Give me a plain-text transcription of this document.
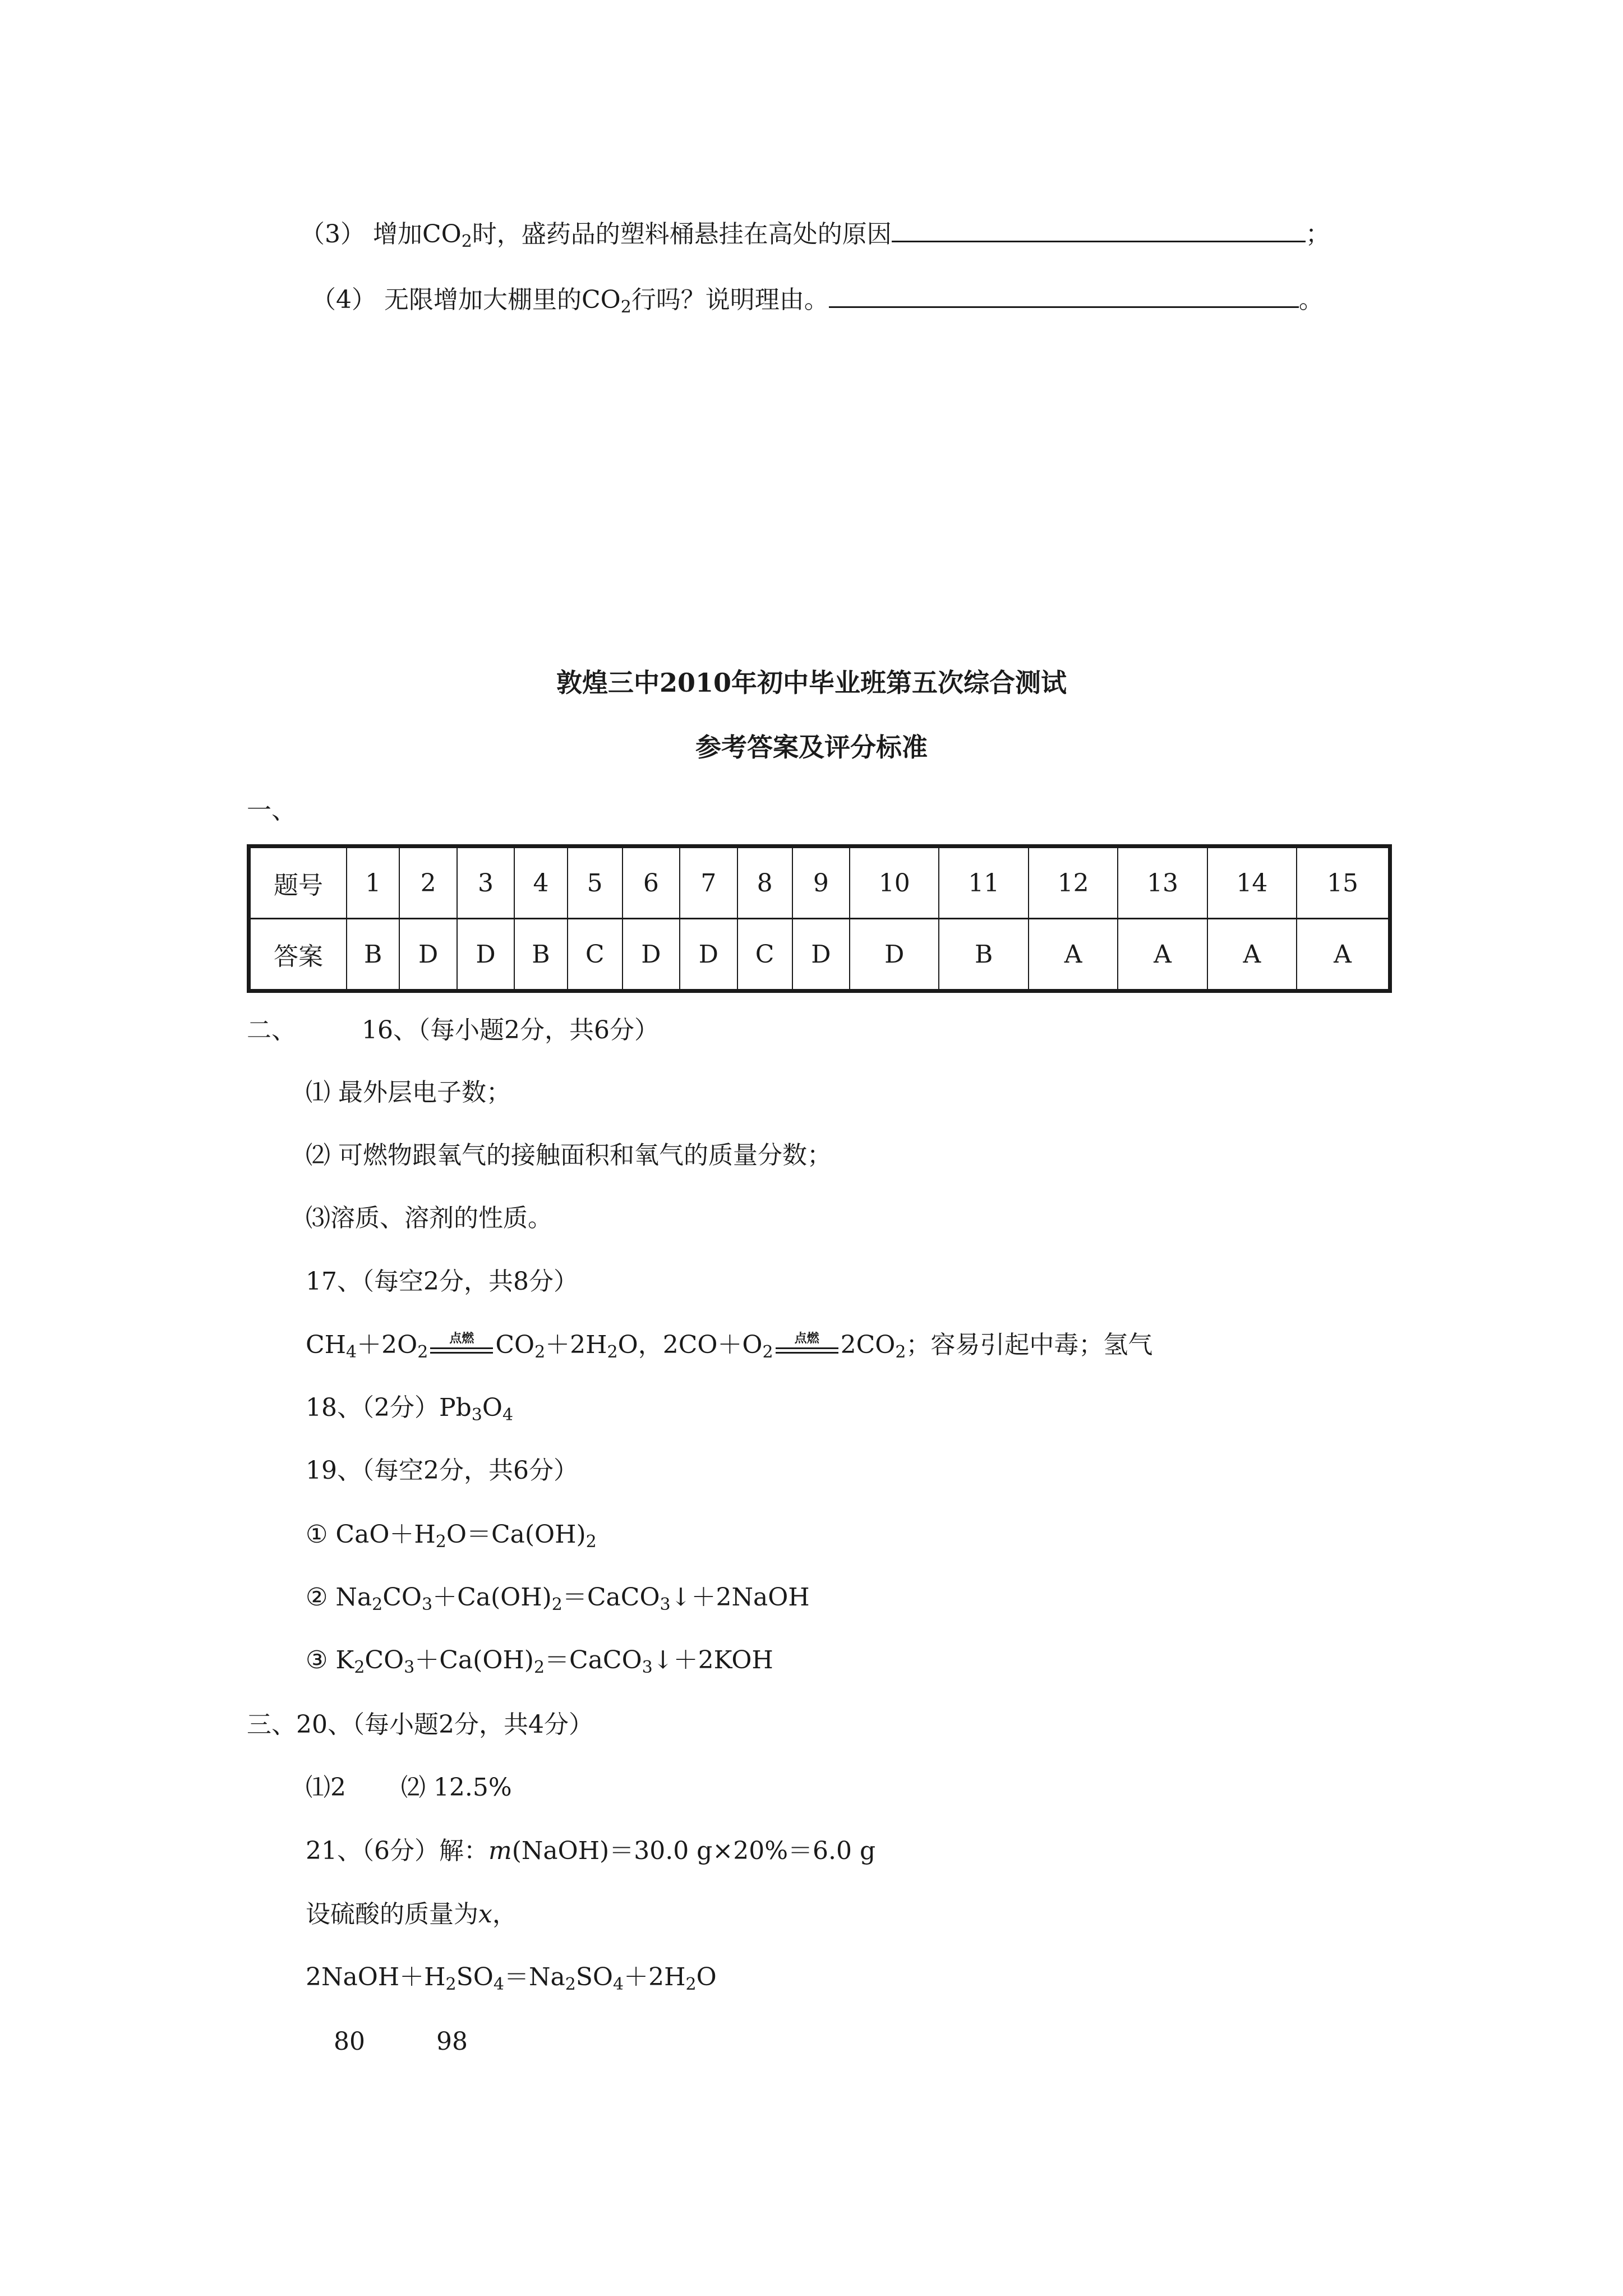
（3） 增加$CO_2$时，盛药品的塑料桶悬挂在高处的原因	；
（4） 无限增加大棚里的$CO_2$行吗？说明理由。	。
敦煌三中2010年初中毕业班第五次综合测试
参考答案及评分标准
一、
题号	1	2	3	4	5	6	7	8	9	10	11	12	13	14	15
答案	B	D	D	B	C	D	D	C	D	D	B	A	A	A	A
二、	16、（每小题2分，共6分）
⑴ 最外层电子数；
⑵ 可燃物跟氧气的接触面积和氧气的质量分数；
⑶溶质、溶剂的性质。
17、（每空2分，共8分）
$CH_4+2O_2$
点燃 $CO_2+2H_2O$，$2CO+O_2$
点燃 $2CO_2$；容易引起中毒；氢气
18、（2分）$Pb_3O_4$
19、（每空2分，共6分）
① $CaO+H_2O=Ca(OH)_2$
② $Na_2CO_3+Ca(OH)_2=CaCO_3↓+2NaOH$
③ $K_2CO_3+Ca(OH)_2=CaCO_3↓+2KOH$
三、20、（每小题2分，共4分）
⑴2       ⑵ 12.5%
21、（6分）解：m(NaOH)＝30.0 g×20%＝6.0 g
设硫酸的质量为x，
$2NaOH+H_2SO_4=Na_2SO_4+2H_2O$
80	98
